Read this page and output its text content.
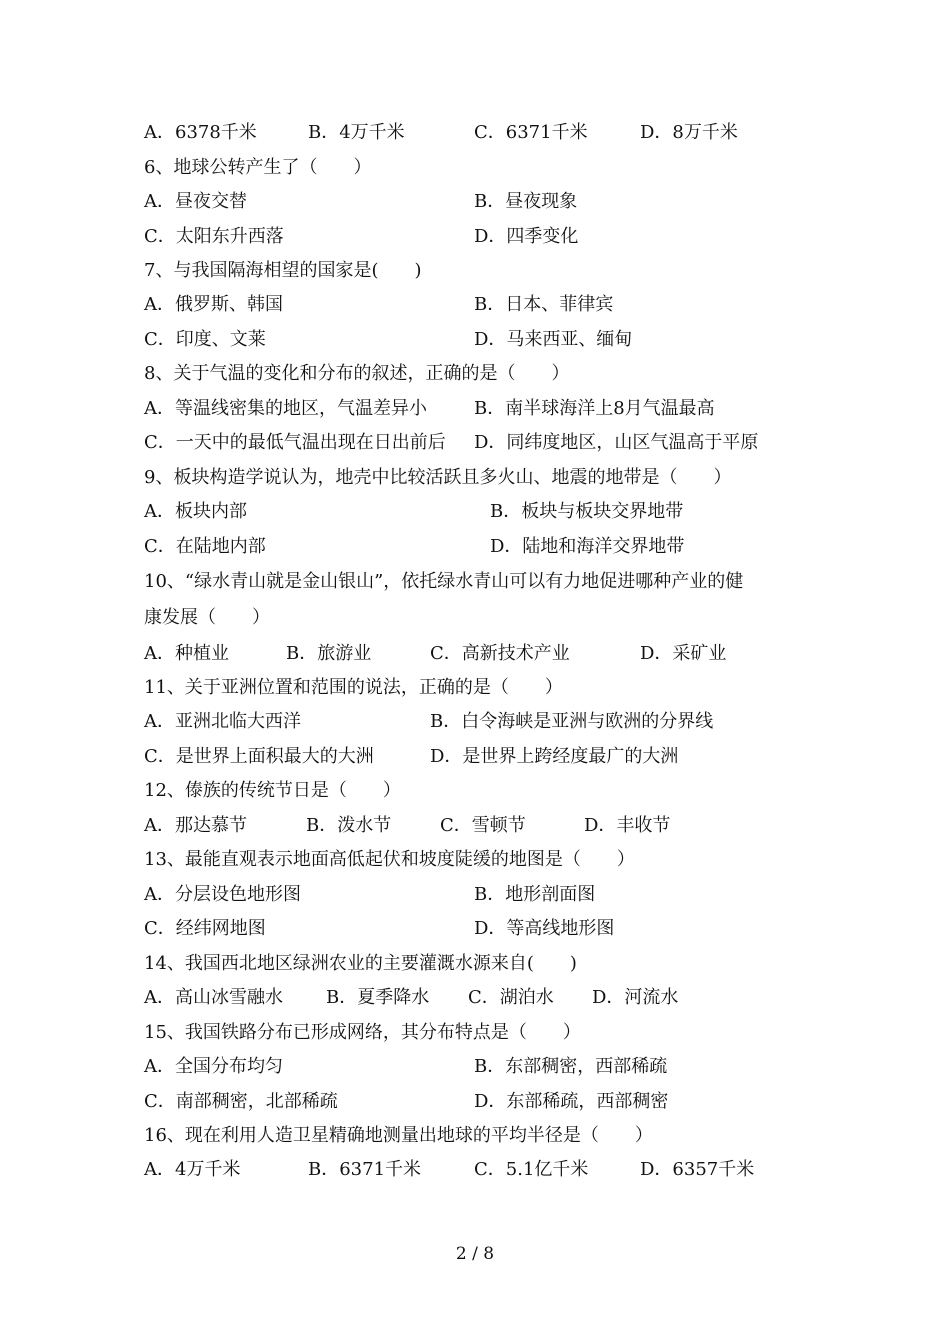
A．6378千米	B．4万千米	C．6371千米	D．8万千米
6、地球公转产生了（　　）
A．昼夜交替	B．昼夜现象
C．太阳东升西落	D．四季变化
7、与我国隔海相望的国家是(　　)
A．俄罗斯、韩国	B．日本、菲律宾
C．印度、文莱	D．马来西亚、缅甸
8、关于气温的变化和分布的叙述，正确的是（　　）
A．等温线密集的地区，气温差异小	B．南半球海洋上8月气温最高
C．一天中的最低气温出现在日出前后 D．同纬度地区，山区气温高于平原
9、板块构造学说认为，地壳中比较活跃且多火山、地震的地带是（　　）
A．板块内部	B．板块与板块交界地带
C．在陆地内部	D．陆地和海洋交界地带
10、“绿水青山就是金山银山”，依托绿水青山可以有力地促进哪种产业的健
康发展（　　）
A．种植业	B．旅游业	C．高新技术产业	D．采矿业
11、关于亚洲位置和范围的说法，正确的是（　　）
A．亚洲北临大西洋	B．白令海峡是亚洲与欧洲的分界线
C．是世界上面积最大的大洲	D．是世界上跨经度最广的大洲
12、傣族的传统节日是（　　）
A．那达慕节	B．泼水节	C．雪顿节	D．丰收节
13、最能直观表示地面高低起伏和坡度陡缓的地图是（　　）
A．分层设色地形图	B．地形剖面图
C．经纬网地图	D．等高线地形图
14、我国西北地区绿洲农业的主要灌溉水源来自(　　)
A．高山冰雪融水 B．夏季降水 C．湖泊水 D．河流水
15、我国铁路分布已形成网络，其分布特点是（　　）
A．全国分布均匀	B．东部稠密，西部稀疏
C．南部稠密，北部稀疏	D．东部稀疏，西部稠密
16、现在利用人造卫星精确地测量出地球的平均半径是（　　）
A．4万千米	B．6371千米	C．5.1亿千米	D．6357千米
2 / 8
